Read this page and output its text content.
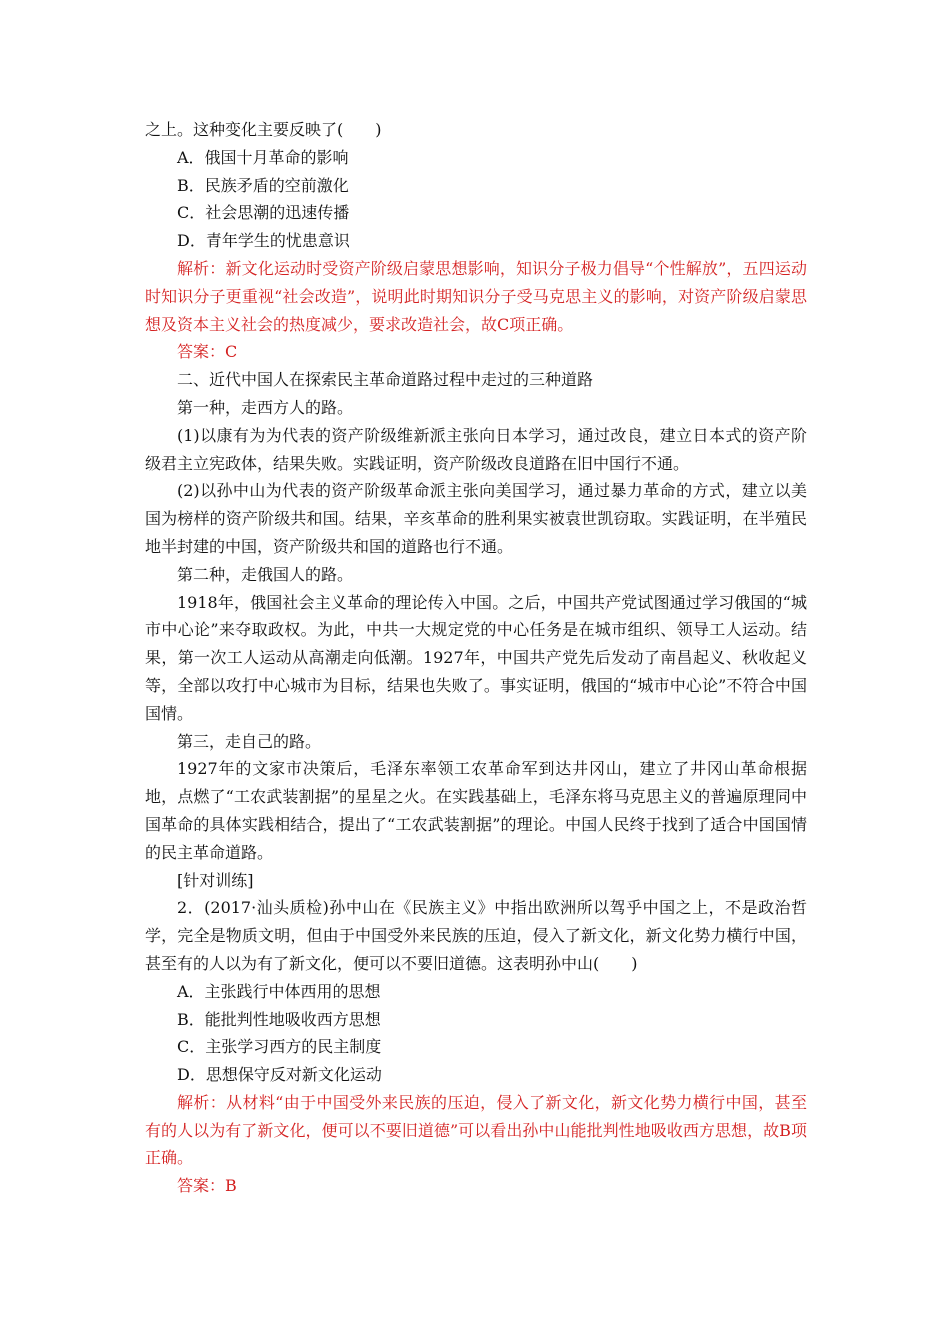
之上。这种变化主要反映了(　　)

A．俄国十月革命的影响

B．民族矛盾的空前激化

C．社会思潮的迅速传播

D．青年学生的忧患意识

解析：新文化运动时受资产阶级启蒙思想影响，知识分子极力倡导“个性解放”，五四运动时知识分子更重视“社会改造”，说明此时期知识分子受马克思主义的影响，对资产阶级启蒙思想及资本主义社会的热度减少，要求改造社会，故C项正确。

答案：C

二、近代中国人在探索民主革命道路过程中走过的三种道路

第一种，走西方人的路。

(1)以康有为为代表的资产阶级维新派主张向日本学习，通过改良，建立日本式的资产阶级君主立宪政体，结果失败。实践证明，资产阶级改良道路在旧中国行不通。

(2)以孙中山为代表的资产阶级革命派主张向美国学习，通过暴力革命的方式，建立以美国为榜样的资产阶级共和国。结果，辛亥革命的胜利果实被袁世凯窃取。实践证明，在半殖民地半封建的中国，资产阶级共和国的道路也行不通。

第二种，走俄国人的路。

1918年，俄国社会主义革命的理论传入中国。之后，中国共产党试图通过学习俄国的“城市中心论”来夺取政权。为此，中共一大规定党的中心任务是在城市组织、领导工人运动。结果，第一次工人运动从高潮走向低潮。1927年，中国共产党先后发动了南昌起义、秋收起义等，全部以攻打中心城市为目标，结果也失败了。事实证明，俄国的“城市中心论”不符合中国国情。

第三，走自己的路。

1927年的文家市决策后，毛泽东率领工农革命军到达井冈山，建立了井冈山革命根据地，点燃了“工农武装割据”的星星之火。在实践基础上，毛泽东将马克思主义的普遍原理同中国革命的具体实践相结合，提出了“工农武装割据”的理论。中国人民终于找到了适合中国国情的民主革命道路。

[针对训练]

2．(2017·汕头质检)孙中山在《民族主义》中指出欧洲所以驾乎中国之上，不是政治哲学，完全是物质文明，但由于中国受外来民族的压迫，侵入了新文化，新文化势力横行中国，甚至有的人以为有了新文化，便可以不要旧道德。这表明孙中山(　　)

A．主张践行中体西用的思想

B．能批判性地吸收西方思想

C．主张学习西方的民主制度

D．思想保守反对新文化运动

解析：从材料“由于中国受外来民族的压迫，侵入了新文化，新文化势力横行中国，甚至有的人以为有了新文化，便可以不要旧道德”可以看出孙中山能批判性地吸收西方思想，故B项正确。

答案：B
